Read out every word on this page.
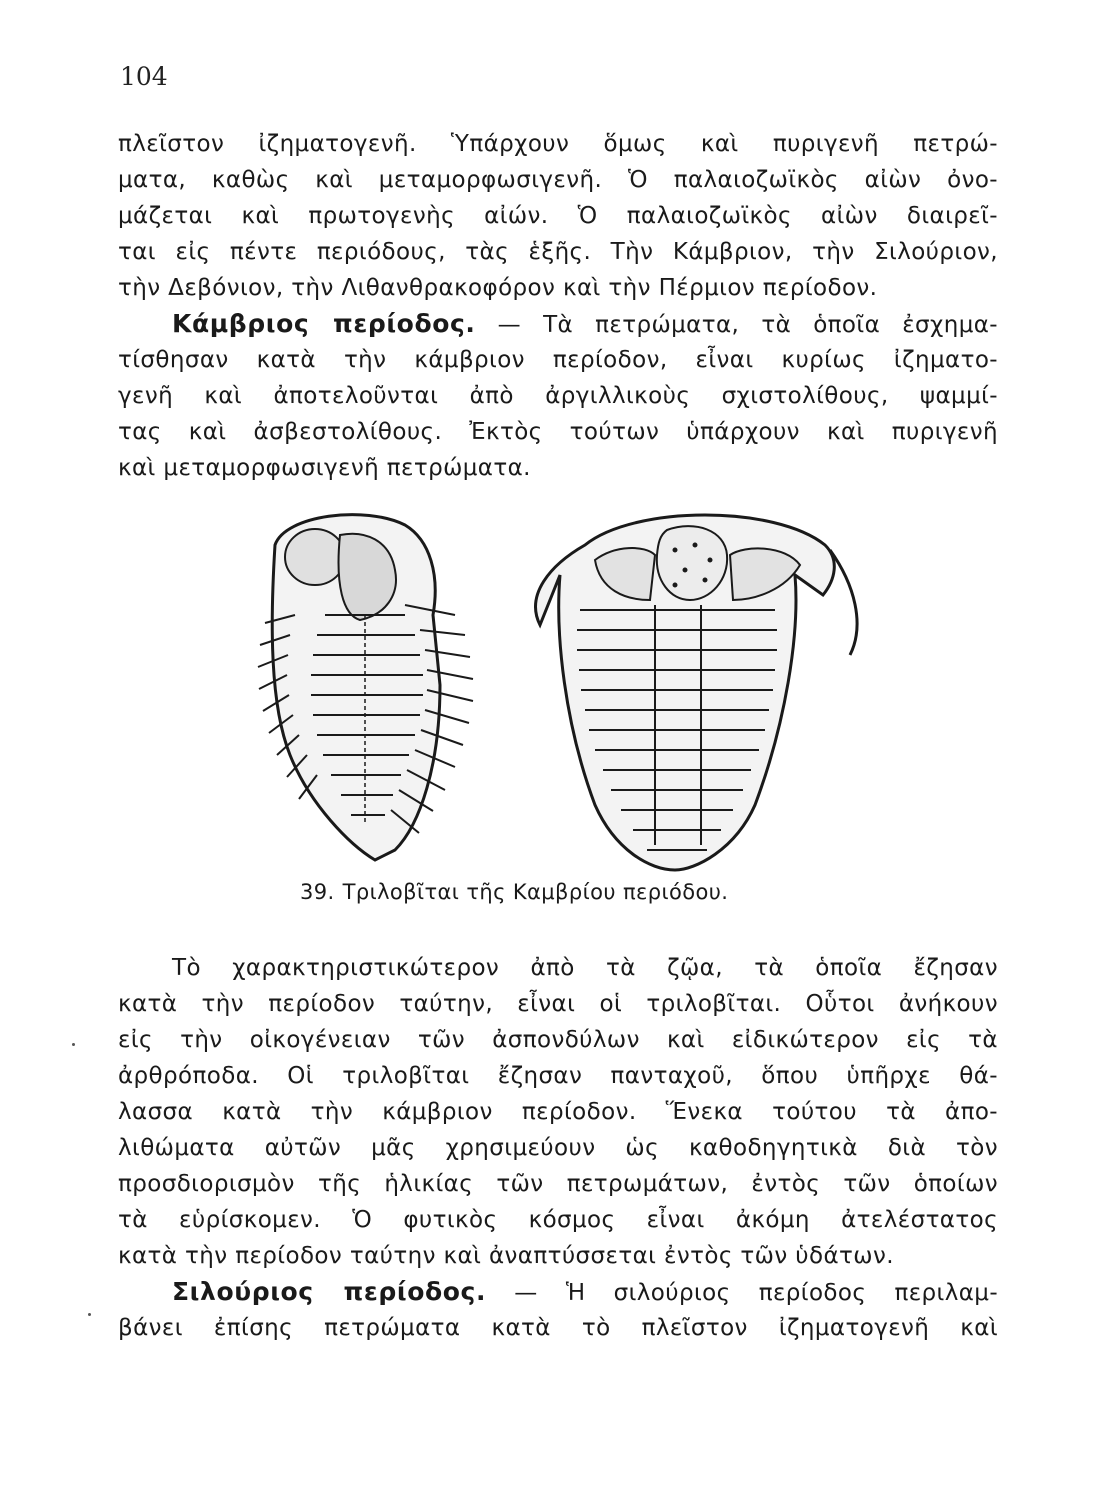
104
πλεῖστον ἰζηματογενῆ. Ὑπάρχουν ὅμως καὶ πυριγενῆ πετρώ-
ματα, καθὼς καὶ μεταμορφωσιγενῆ. Ὁ παλαιοζωϊκὸς αἰὼν ὀνο-
μάζεται καὶ πρωτογενὴς αἰών. Ὁ παλαιοζωϊκὸς αἰὼν διαιρεῖ-
ται εἰς πέντε περιόδους, τὰς ἑξῆς. Τὴν Κάμβριον, τὴν Σιλούριον,
τὴν Δεβόνιον, τὴν Λιθανθρακοφόρον καὶ τὴν Πέρμιον περίοδον.
Κάμβριος περίοδος. — Τὰ πετρώματα, τὰ ὁποῖα ἐσχημα-
τίσθησαν κατὰ τὴν κάμβριον περίοδον, εἶναι κυρίως ἰζηματο-
γενῆ καὶ ἀποτελοῦνται ἀπὸ ἀργιλλικοὺς σχιστολίθους, ψαμμί-
τας καὶ ἀσβεστολίθους. Ἐκτὸς τούτων ὑπάρχουν καὶ πυριγενῆ
καὶ μεταμορφωσιγενῆ πετρώματα.
39. Τριλοβῖται τῆς Καμβρίου περιόδου.
Τὸ χαρακτηριστικώτερον ἀπὸ τὰ ζῷα, τὰ ὁποῖα ἔζησαν
κατὰ τὴν περίοδον ταύτην, εἶναι οἱ τριλοβῖται. Οὗτοι ἀνήκουν
εἰς τὴν οἰκογένειαν τῶν ἀσπονδύλων καὶ εἰδικώτερον εἰς τὰ
ἀρθρόποδα. Οἱ τριλοβῖται ἔζησαν πανταχοῦ, ὅπου ὑπῆρχε θά-
λασσα κατὰ τὴν κάμβριον περίοδον. Ἕνεκα τούτου τὰ ἀπο-
λιθώματα αὐτῶν μᾶς χρησιμεύουν ὡς καθοδηγητικὰ διὰ τὸν
προσδιορισμὸν τῆς ἡλικίας τῶν πετρωμάτων, ἐντὸς τῶν ὁποίων
τὰ εὑρίσκομεν. Ὁ φυτικὸς κόσμος εἶναι ἀκόμη ἀτελέστατος
κατὰ τὴν περίοδον ταύτην καὶ ἀναπτύσσεται ἐντὸς τῶν ὑδάτων.
Σιλούριος περίοδος. — Ἡ σιλούριος περίοδος περιλαμ-
βάνει ἐπίσης πετρώματα κατὰ τὸ πλεῖστον ἰζηματογενῆ καὶ
